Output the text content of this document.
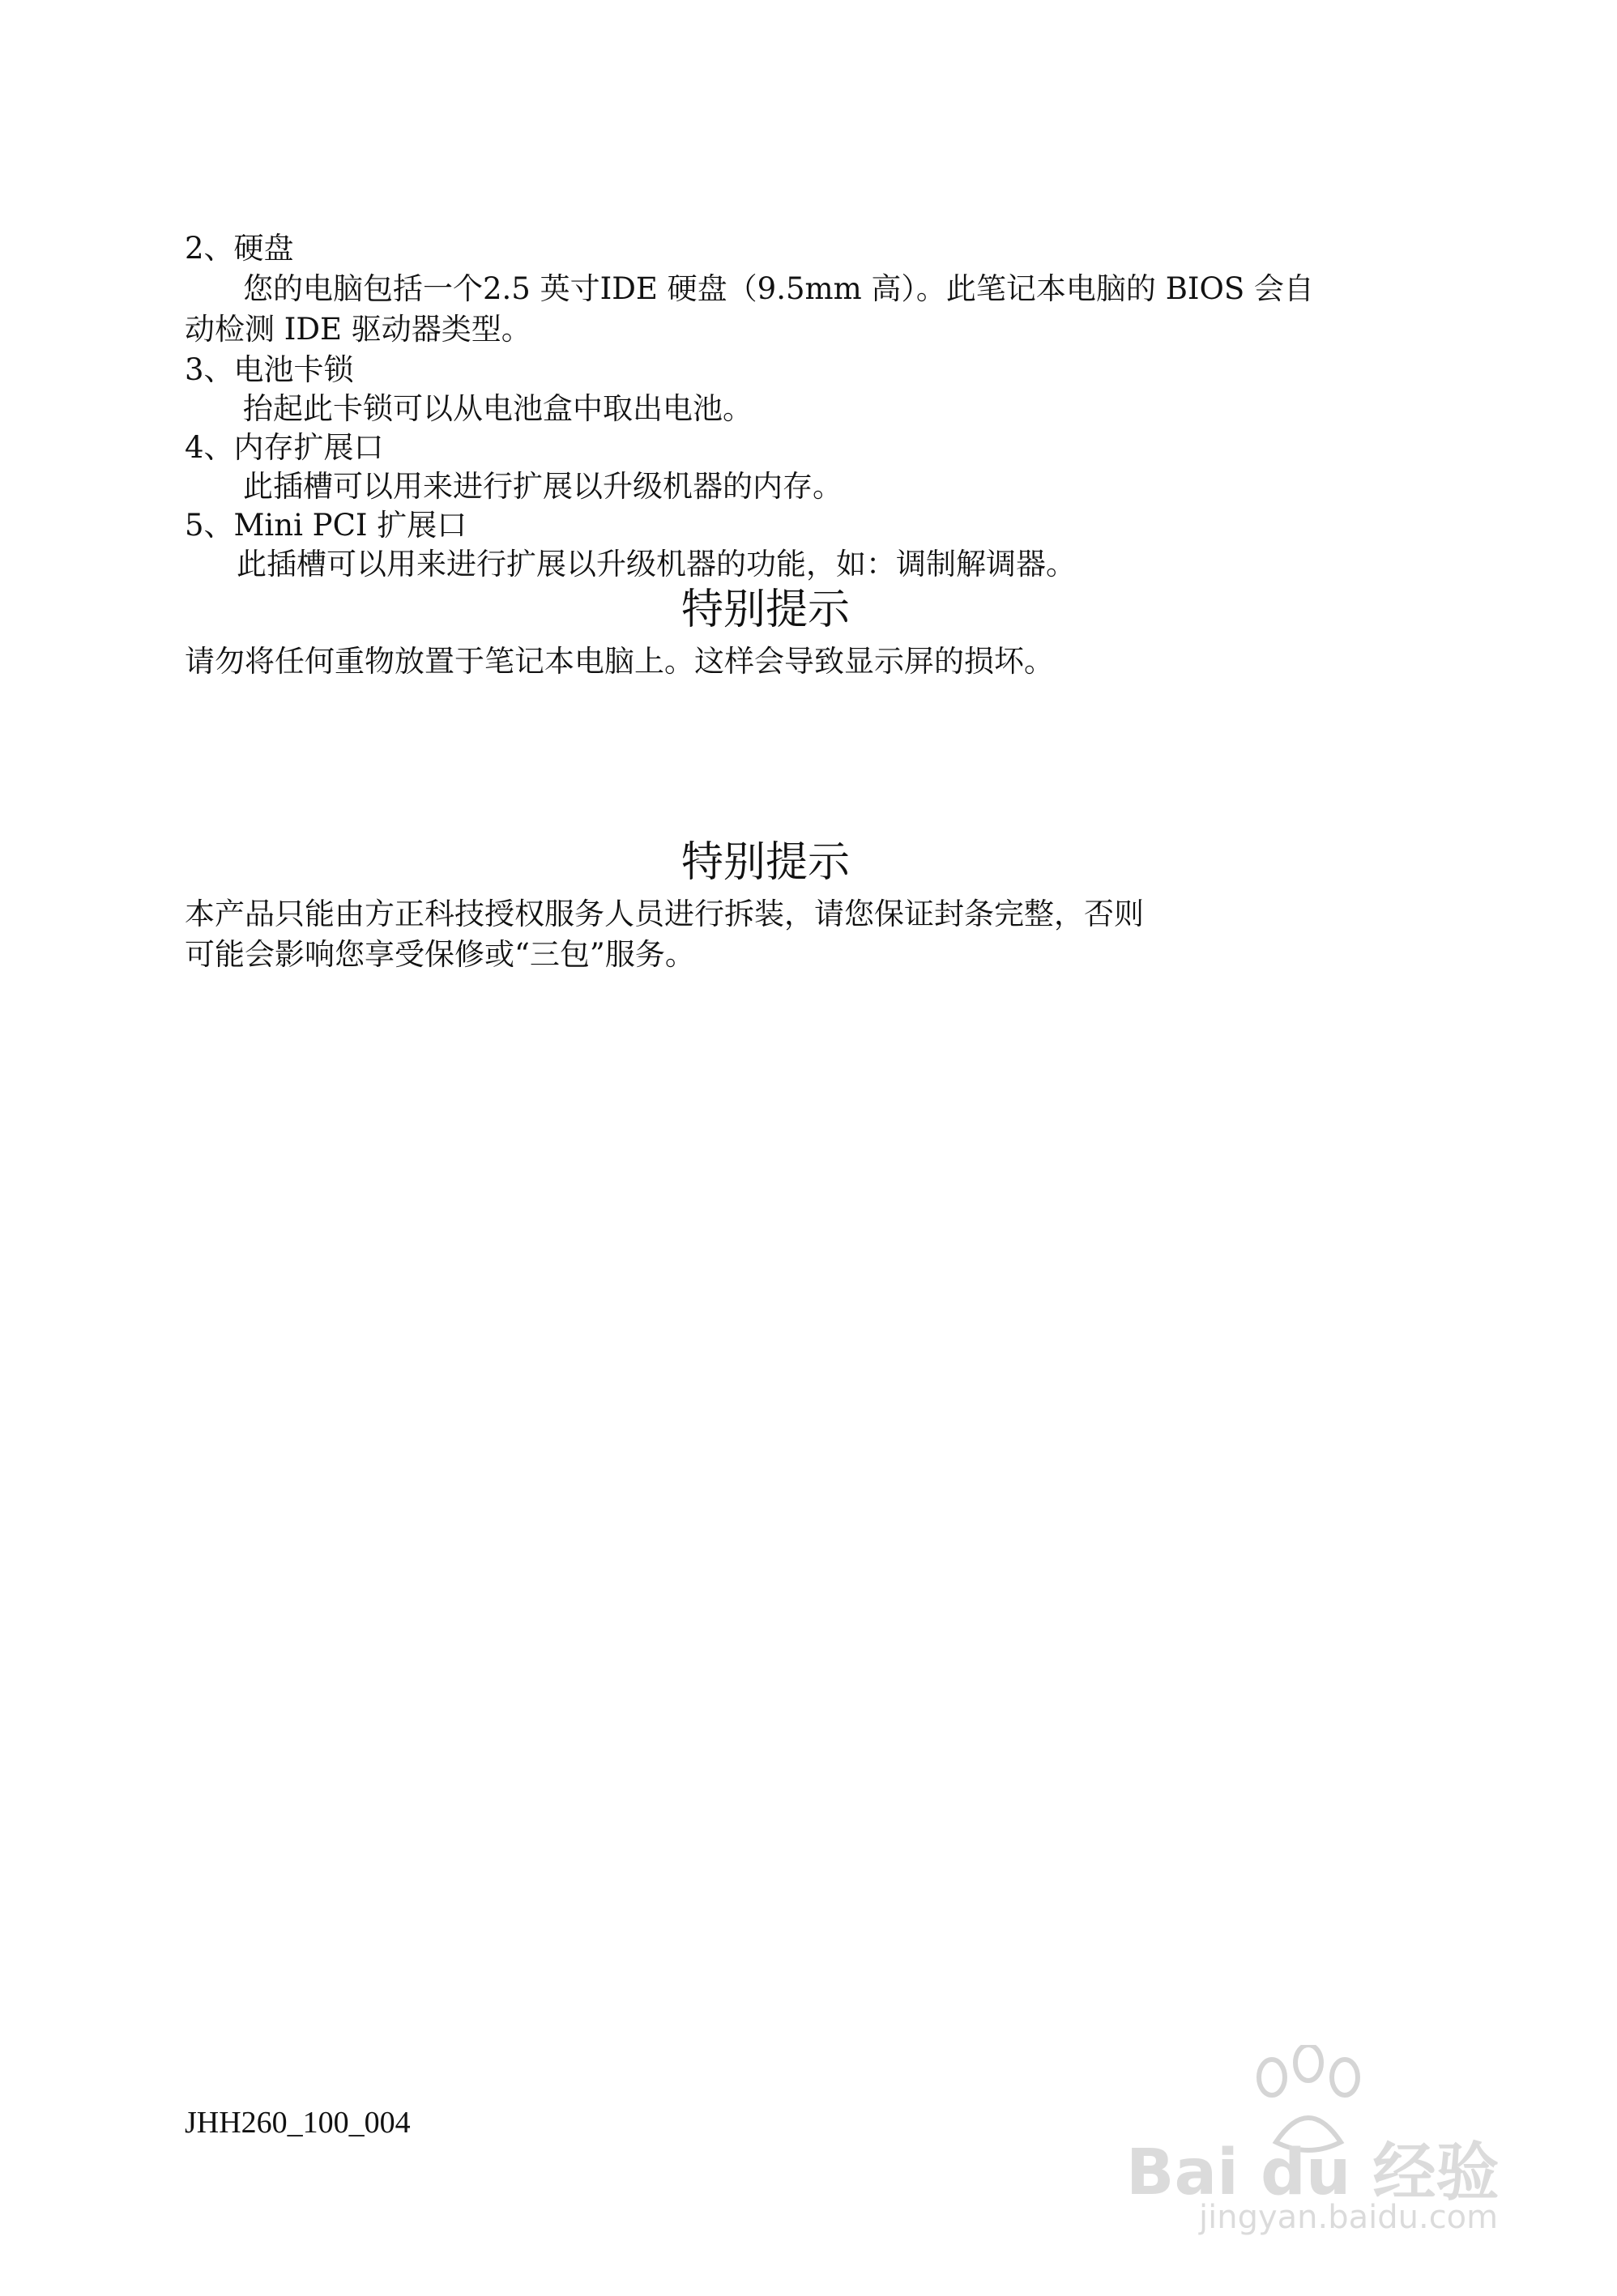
2、硬盘
您的电脑包括一个2.5 英寸IDE 硬盘（9.5mm 高）。此笔记本电脑的 BIOS 会自
动检测 IDE 驱动器类型。
3、电池卡锁
抬起此卡锁可以从电池盒中取出电池。
4、内存扩展口
此插槽可以用来进行扩展以升级机器的内存。
5、Mini PCI 扩展口
此插槽可以用来进行扩展以升级机器的功能，如：调制解调器。
特别提示
请勿将任何重物放置于笔记本电脑上。这样会导致显示屏的损坏。
特别提示
本产品只能由方正科技授权服务人员进行拆装，请您保证封条完整，否则
可能会影响您享受保修或“三包”服务。
JHH260_100_004
Bai du 经验
jingyan.baidu.com
